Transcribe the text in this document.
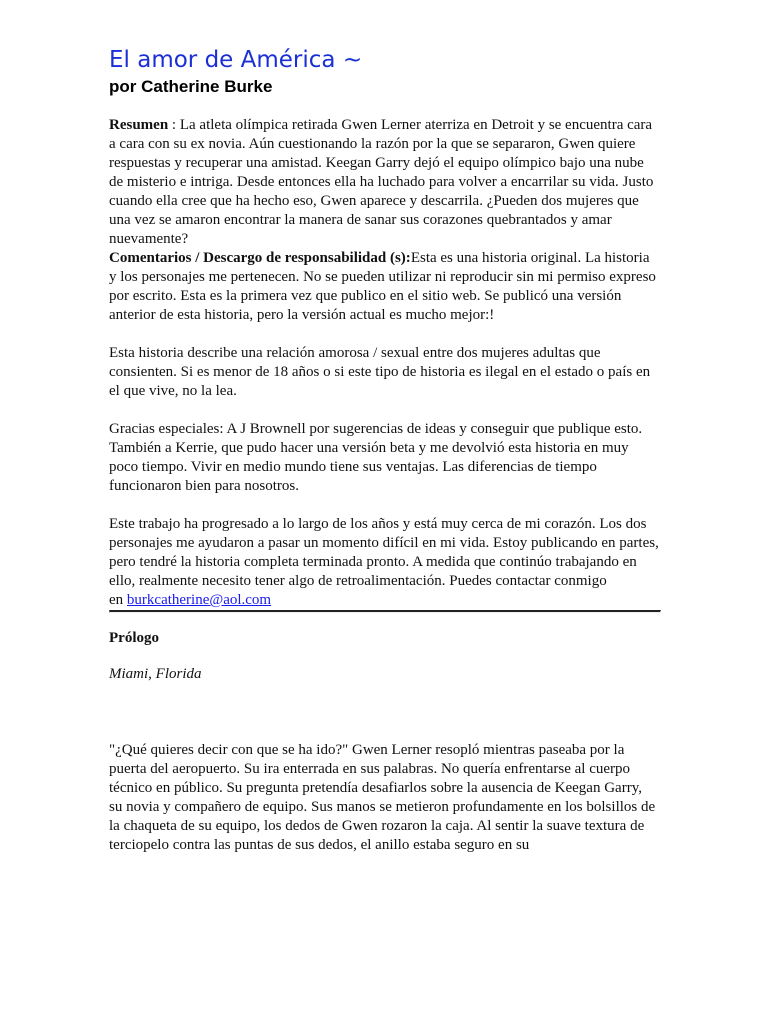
El amor de América ~
por Catherine Burke

Resumen : La atleta olímpica retirada Gwen Lerner aterriza en Detroit y se encuentra cara a cara con su ex novia. Aún cuestionando la razón por la que se separaron, Gwen quiere respuestas y recuperar una amistad. Keegan Garry dejó el equipo olímpico bajo una nube de misterio e intriga. Desde entonces ella ha luchado para volver a encarrilar su vida. Justo cuando ella cree que ha hecho eso, Gwen aparece y descarrila. ¿Pueden dos mujeres que una vez se amaron encontrar la manera de sanar sus corazones quebrantados y amar nuevamente?

Comentarios / Descargo de responsabilidad (s):Esta es una historia original. La historia y los personajes me pertenecen. No se pueden utilizar ni reproducir sin mi permiso expreso por escrito. Esta es la primera vez que publico en el sitio web. Se publicó una versión anterior de esta historia, pero la versión actual es mucho mejor:!

Esta historia describe una relación amorosa / sexual entre dos mujeres adultas que consienten. Si es menor de 18 años o si este tipo de historia es ilegal en el estado o país en el que vive, no la lea.

Gracias especiales: A J Brownell por sugerencias de ideas y conseguir que publique esto. También a Kerrie, que pudo hacer una versión beta y me devolvió esta historia en muy poco tiempo. Vivir en medio mundo tiene sus ventajas. Las diferencias de tiempo funcionaron bien para nosotros.

Este trabajo ha progresado a lo largo de los años y está muy cerca de mi corazón. Los dos personajes me ayudaron a pasar un momento difícil en mi vida. Estoy publicando en partes, pero tendré la historia completa terminada pronto. A medida que continúo trabajando en ello, realmente necesito tener algo de retroalimentación. Puedes contactar conmigo
en burkcatherine@aol.com

Prólogo

Miami, Florida

"¿Qué quieres decir con que se ha ido?" Gwen Lerner resopló mientras paseaba por la puerta del aeropuerto. Su ira enterrada en sus palabras. No quería enfrentarse al cuerpo técnico en público. Su pregunta pretendía desafiarlos sobre la ausencia de Keegan Garry, su novia y compañero de equipo. Sus manos se metieron profundamente en los bolsillos de la chaqueta de su equipo, los dedos de Gwen rozaron la caja. Al sentir la suave textura de terciopelo contra las puntas de sus dedos, el anillo estaba seguro en su
